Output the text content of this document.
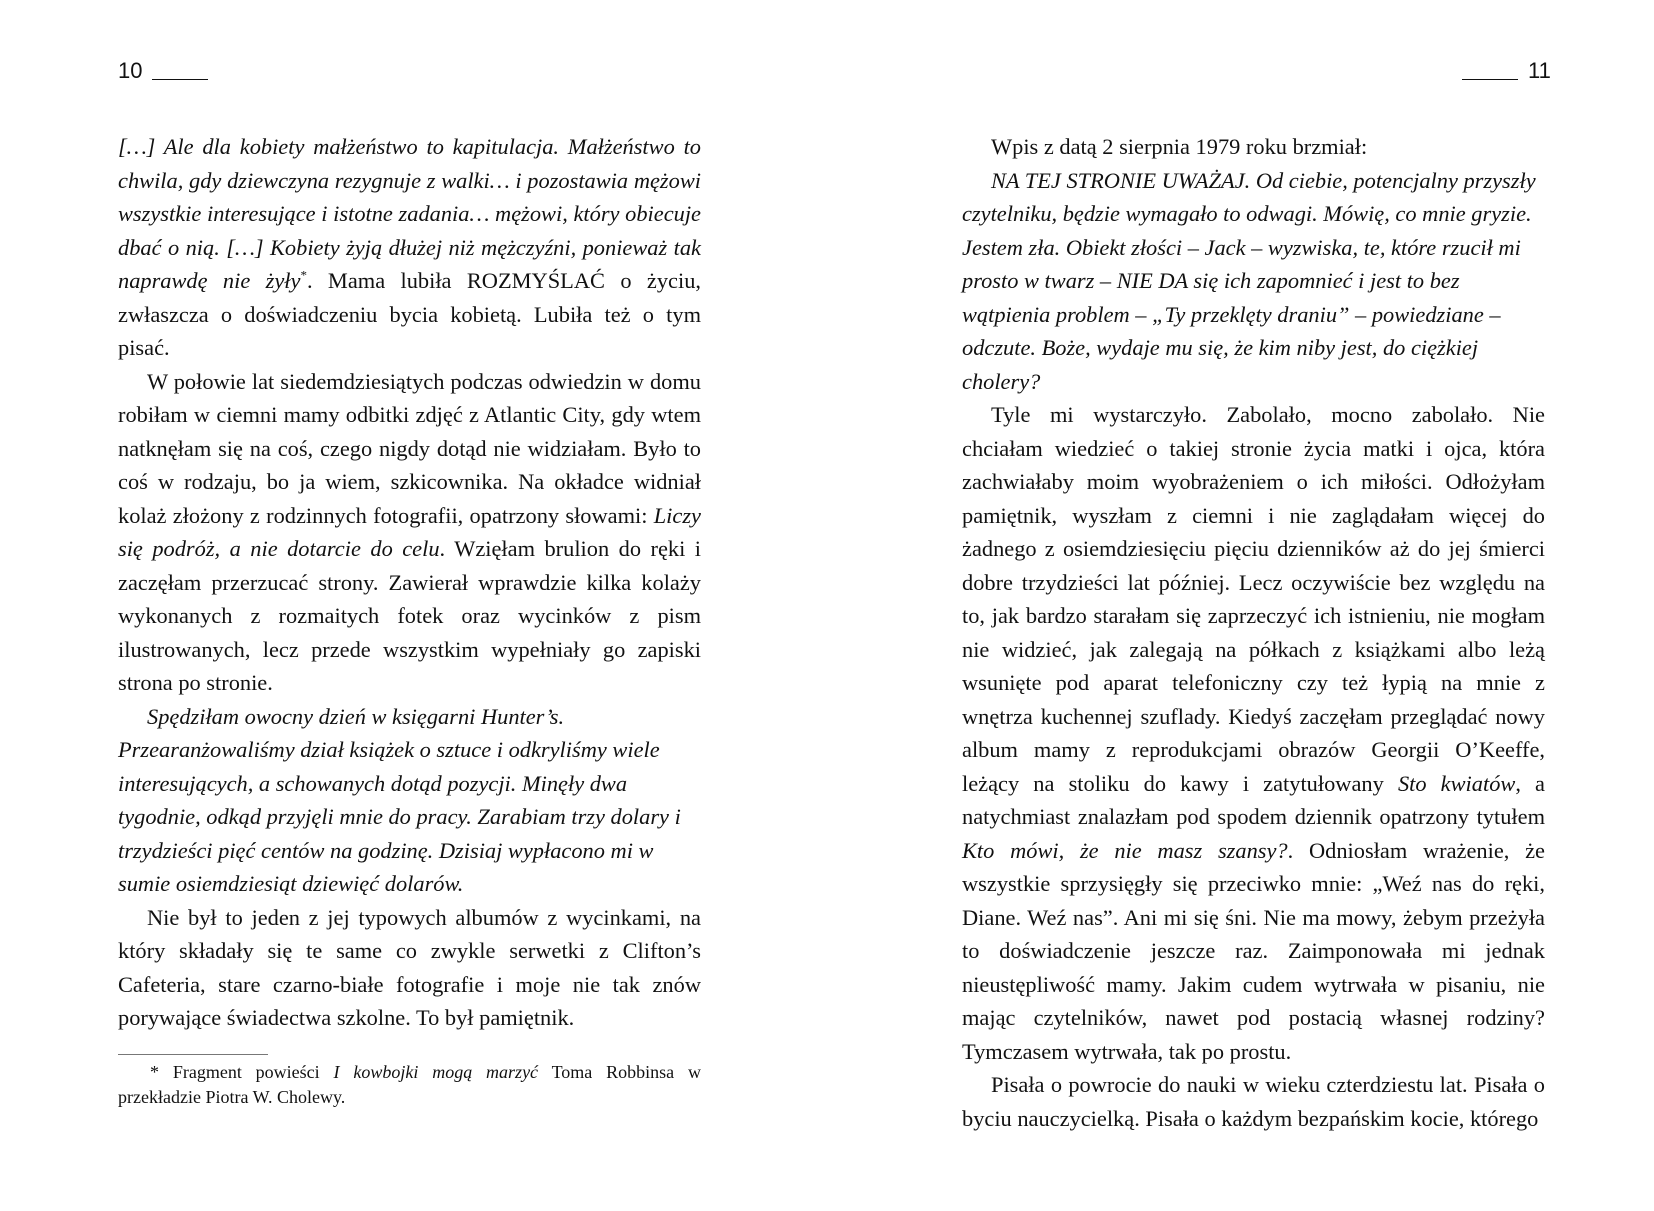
10	11

[…] Ale dla kobiety małżeństwo to kapitulacja. Małżeństwo to chwila, gdy dziewczyna rezygnuje z walki… i pozostawia mężowi wszystkie interesujące i istotne zadania… mężowi, który obiecuje dbać o nią. […] Kobiety żyją dłużej niż mężczyźni, ponieważ tak naprawdę nie żyły*. Mama lubiła ROZMYŚLAĆ o życiu, zwłaszcza o doświadczeniu bycia kobietą. Lubiła też o tym pisać.

W połowie lat siedemdziesiątych podczas odwiedzin w domu robiłam w ciemni mamy odbitki zdjęć z Atlantic City, gdy wtem natknęłam się na coś, czego nigdy dotąd nie widziałam. Było to coś w rodzaju, bo ja wiem, szkicownika. Na okładce widniał kolaż złożony z rodzinnych fotografii, opatrzony słowami: Liczy się podróż, a nie dotarcie do celu. Wzięłam brulion do ręki i zaczęłam przerzucać strony. Zawierał wprawdzie kilka kolaży wykonanych z rozmaitych fotek oraz wycinków z pism ilustrowanych, lecz przede wszystkim wypełniały go zapiski strona po stronie.

Spędziłam owocny dzień w księgarni Hunter’s. Przearanżowaliśmy dział książek o sztuce i odkryliśmy wiele interesujących, a schowanych dotąd pozycji. Minęły dwa tygodnie, odkąd przyjęli mnie do pracy. Zarabiam trzy dolary i trzydzieści pięć centów na godzinę. Dzisiaj wypłacono mi w sumie osiemdziesiąt dziewięć dolarów.

Nie był to jeden z jej typowych albumów z wycinkami, na który składały się te same co zwykle serwetki z Clifton’s Cafeteria, stare czarno-białe fotografie i moje nie tak znów porywające świadectwa szkolne. To był pamiętnik.

* Fragment powieści I kowbojki mogą marzyć Toma Robbinsa w przekładzie Piotra W. Cholewy.

Wpis z datą 2 sierpnia 1979 roku brzmiał:

NA TEJ STRONIE UWAŻAJ. Od ciebie, potencjalny przyszły czytelniku, będzie wymagało to odwagi. Mówię, co mnie gryzie. Jestem zła. Obiekt złości – Jack – wyzwiska, te, które rzucił mi prosto w twarz – NIE DA się ich zapomnieć i jest to bez wątpienia problem – „Ty przeklęty draniu” – powiedziane – odczute. Boże, wydaje mu się, że kim niby jest, do ciężkiej cholery?

Tyle mi wystarczyło. Zabolało, mocno zabolało. Nie chciałam wiedzieć o takiej stronie życia matki i ojca, która zachwiałaby moim wyobrażeniem o ich miłości. Odłożyłam pamiętnik, wyszłam z ciemni i nie zaglądałam więcej do żadnego z osiemdziesięciu pięciu dzienników aż do jej śmierci dobre trzydzieści lat później. Lecz oczywiście bez względu na to, jak bardzo starałam się zaprzeczyć ich istnieniu, nie mogłam nie widzieć, jak zalegają na półkach z książkami albo leżą wsunięte pod aparat telefoniczny czy też łypią na mnie z wnętrza kuchennej szuflady. Kiedyś zaczęłam przeglądać nowy album mamy z reprodukcjami obrazów Georgii O’Keeffe, leżący na stoliku do kawy i zatytułowany Sto kwiatów, a natychmiast znalazłam pod spodem dziennik opatrzony tytułem Kto mówi, że nie masz szansy?. Odniosłam wrażenie, że wszystkie sprzysięgły się przeciwko mnie: „Weź nas do ręki, Diane. Weź nas”. Ani mi się śni. Nie ma mowy, żebym przeżyła to doświadczenie jeszcze raz. Zaimponowała mi jednak nieustępliwość mamy. Jakim cudem wytrwała w pisaniu, nie mając czytelników, nawet pod postacią własnej rodziny? Tymczasem wytrwała, tak po prostu.

Pisała o powrocie do nauki w wieku czterdziestu lat. Pisała o byciu nauczycielką. Pisała o każdym bezpańskim kocie, którego
